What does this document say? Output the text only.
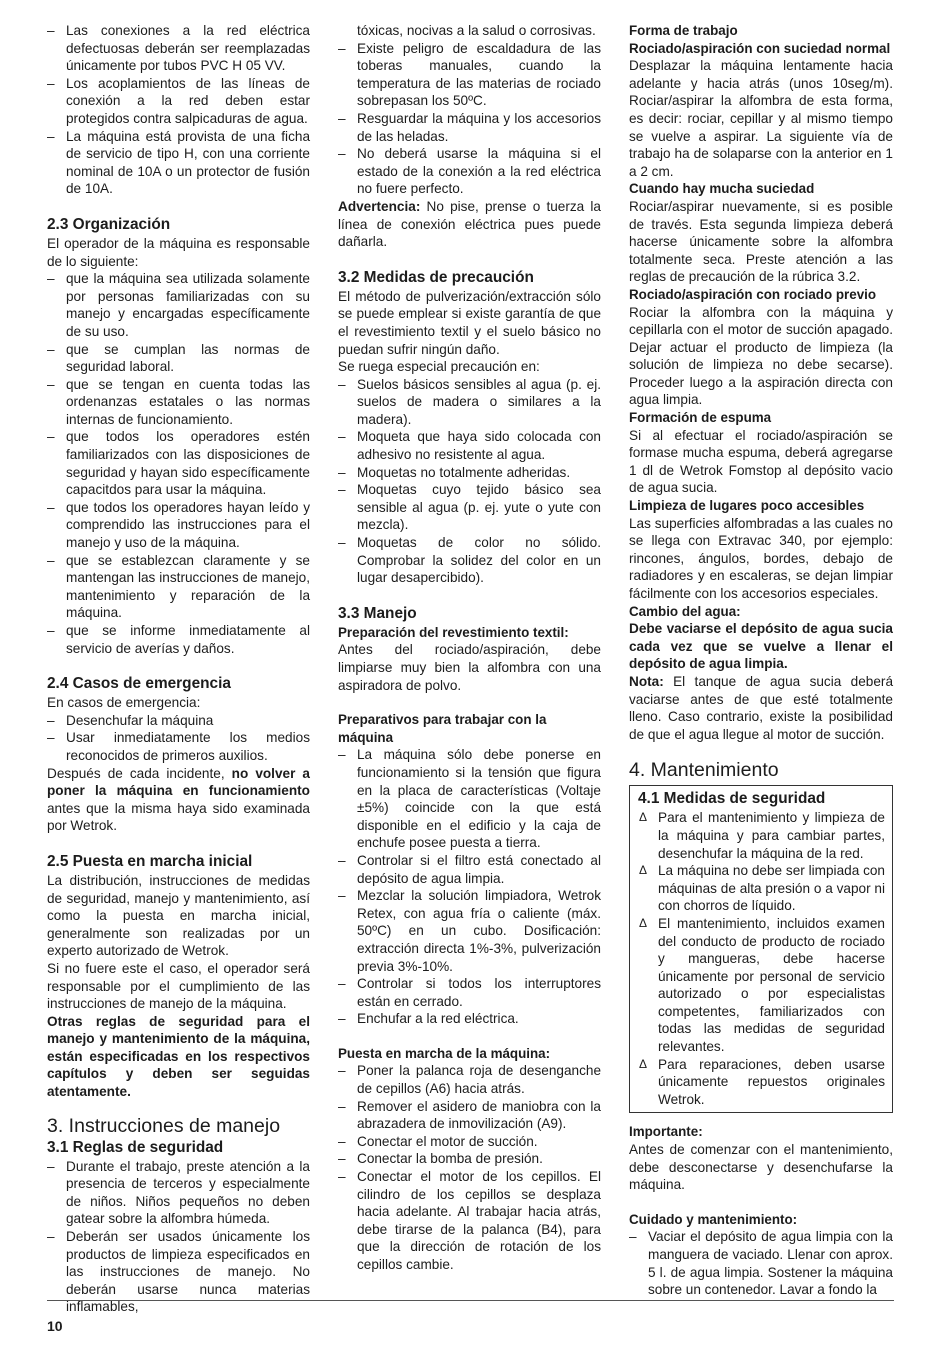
– Las conexiones a la red eléctrica defectuosas deberán ser reemplazadas únicamente por tubos PVC H 05 VV.
– Los acoplamientos de las líneas de conexión a la red deben estar protegidos contra salpicaduras de agua.
– La máquina está provista de una ficha de servicio de tipo H, con una corriente nominal de 10A o un protector de fusión de 10A.
2.3 Organización

El operador de la máquina es responsable de lo siguiente:

– que la máquina sea utilizada solamente por personas familiarizadas con su manejo y encargadas específicamente de su uso.
– que se cumplan las normas de seguridad laboral.
– que se tengan en cuenta todas las ordenanzas estatales o las normas internas de funcionamiento.
– que todos los operadores estén familiarizados con las disposiciones de seguridad y hayan sido específicamente capacitdos para usar la máquina.
– que todos los operadores hayan leído y comprendido las instrucciones para el manejo y uso de la máquina.
– que se establezcan claramente y se mantengan las instrucciones de manejo, mantenimiento y reparación de la máquina.
– que se informe inmediatamente al servicio de averías y daños.
2.4 Casos de emergencia

En casos de emergencia:

– Desenchufar la máquina
– Usar inmediatamente los medios reconocidos de primeros auxilios.

Después de cada incidente, no volver a poner la máquina en funcionamiento antes que la misma haya sido examinada por Wetrok.

2.5 Puesta en marcha inicial

La distribución, instrucciones de medidas de seguridad, manejo y mantenimiento, así como la puesta en marcha inicial, generalmente son realizadas por un experto autorizado de Wetrok.

Si no fuere este el caso, el operador será responsable por el cumplimiento de las instrucciones de manejo de la máquina.

Otras reglas de seguridad para el manejo y mantenimiento de la máquina, están especificadas en los respectivos capítulos y deben ser seguidas atentamente.

3. Instrucciones de manejo
3.1 Reglas de seguridad
– Durante el trabajo, preste atención a la presencia de terceros y especialmente de niños. Niños pequeños no deben gatear sobre la alfombra húmeda.
– Deberán ser usados únicamente los productos de limpieza especificados en las instrucciones de manejo. No deberán usarse nunca materias inflamables,

tóxicas, nocivas a la salud o corrosivas.

– Existe peligro de escaldadura de las toberas manuales, cuando la temperatura de las materias de rociado sobrepasan los 50ºC.
– Resguardar la máquina y los accesorios de las heladas.
– No deberá usarse la máquina si el estado de la conexión a la red eléctrica no fuere perfecto.

Advertencia: No pise, prense o tuerza la línea de conexión eléctrica pues puede dañarla.

3.2 Medidas de precaución

El método de pulverización/extracción sólo se puede emplear si existe garantía de que el revestimiento textil y el suelo básico no puedan sufrir ningún daño.

Se ruega especial precaución en:

– Suelos básicos sensibles al agua (p. ej. suelos de madera o similares a la madera).
– Moqueta que haya sido colocada con adhesivo no resistente al agua.
– Moquetas no totalmente adheridas.
– Moquetas cuyo tejido básico sea sensible al agua (p. ej. yute o yute con mezcla).
– Moquetas de color no sólido. Comprobar la solidez del color en un lugar desapercibido).
3.3 Manejo
Preparación del revestimiento textil:

Antes del rociado/aspiración, debe limpiarse muy bien la alfombra con una aspiradora de polvo.

Preparativos para trabajar con la máquina
– La máquina sólo debe ponerse en funcionamiento si la tensión que figura en la placa de características (Voltaje ±5%) coincide con la que está disponible en el edificio y la caja de enchufe posee puesta a tierra.
– Controlar si el filtro está conectado al depósito de agua limpia.
– Mezclar la solución limpiadora, Wetrok Retex, con agua fría o caliente (máx. 50ºC) en un cubo. Dosificación: extracción directa 1%-3%, pulverización previa 3%-10%.
– Controlar si todos los interruptores están en cerrado.
– Enchufar a la red eléctrica.
Puesta en marcha de la máquina:
– Poner la palanca roja de desenganche de cepillos (A6) hacia atrás.
– Remover el asidero de maniobra con la abrazadera de inmovilización (A9).
– Conectar el motor de succión.
– Conectar la bomba de presión.
– Conectar el motor de los cepillos. El cilindro de los cepillos se desplaza hacia adelante. Al trabajar hacia atrás, debe tirarse de la palanca (B4), para que la dirección de rotación de los cepillos cambie.
Forma de trabajo
Rociado/aspiración con suciedad normal

Desplazar la máquina lentamente hacia adelante y hacia atrás (unos 10seg/m). Rociar/aspirar la alfombra de esta forma, es decir: rociar, cepillar y al mismo tiempo se vuelve a aspirar. La siguiente vía de trabajo ha de solaparse con la anterior en 1 a 2 cm.

Cuando hay mucha suciedad

Rociar/aspirar nuevamente, si es posible de través. Esta segunda limpieza deberá hacerse únicamente sobre la alfombra totalmente seca. Preste atención a las reglas de precaución de la rúbrica 3.2.

Rociado/aspiración con rociado previo

Rociar la alfombra con la máquina y cepillarla con el motor de succión apagado. Dejar actuar el producto de limpieza (la solución de limpieza no debe secarse). Proceder luego a la aspiración directa con agua limpia.

Formación de espuma

Si al efectuar el rociado/aspiración se formase mucha espuma, deberá agregarse 1 dl de Wetrok Fomstop al depósito vacio de agua sucia.

Limpieza de lugares poco accesibles

Las superficies alfombradas a las cuales no se llega con Extravac 340, por ejemplo: rincones, ángulos, bordes, debajo de radiadores y en escaleras, se dejan limpiar fácilmente con los accesorios especiales.

Cambio del agua:

Debe vaciarse el depósito de agua sucia cada vez que se vuelve a llenar el depósito de agua limpia.

Nota: El tanque de agua sucia deberá vaciarse antes de que esté totalmente lleno. Caso contrario, existe la posibilidad de que el agua llegue al motor de succión.

4. Mantenimiento
4.1 Medidas de seguridad
Δ Para el mantenimiento y limpieza de la máquina y para cambiar partes, desenchufar la máquina de la red.
Δ La máquina no debe ser limpiada con máquinas de alta presión o a vapor ni con chorros de líquido.
Δ El mantenimiento, incluidos examen del conducto de producto de rociado y mangueras, debe hacerse únicamente por personal de servicio autorizado o por especialistas competentes, familiarizados con todas las medidas de seguridad relevantes.
Δ Para reparaciones, deben usarse únicamente repuestos originales Wetrok.
Importante:

Antes de comenzar con el mantenimiento, debe desconectarse y desenchufarse la máquina.

Cuidado y mantenimiento:
– Vaciar el depósito de agua limpia con la manguera de vaciado. Llenar con aprox. 5 l. de agua limpia. Sostener la máquina sobre un contenedor. Lavar a fondo la
10
